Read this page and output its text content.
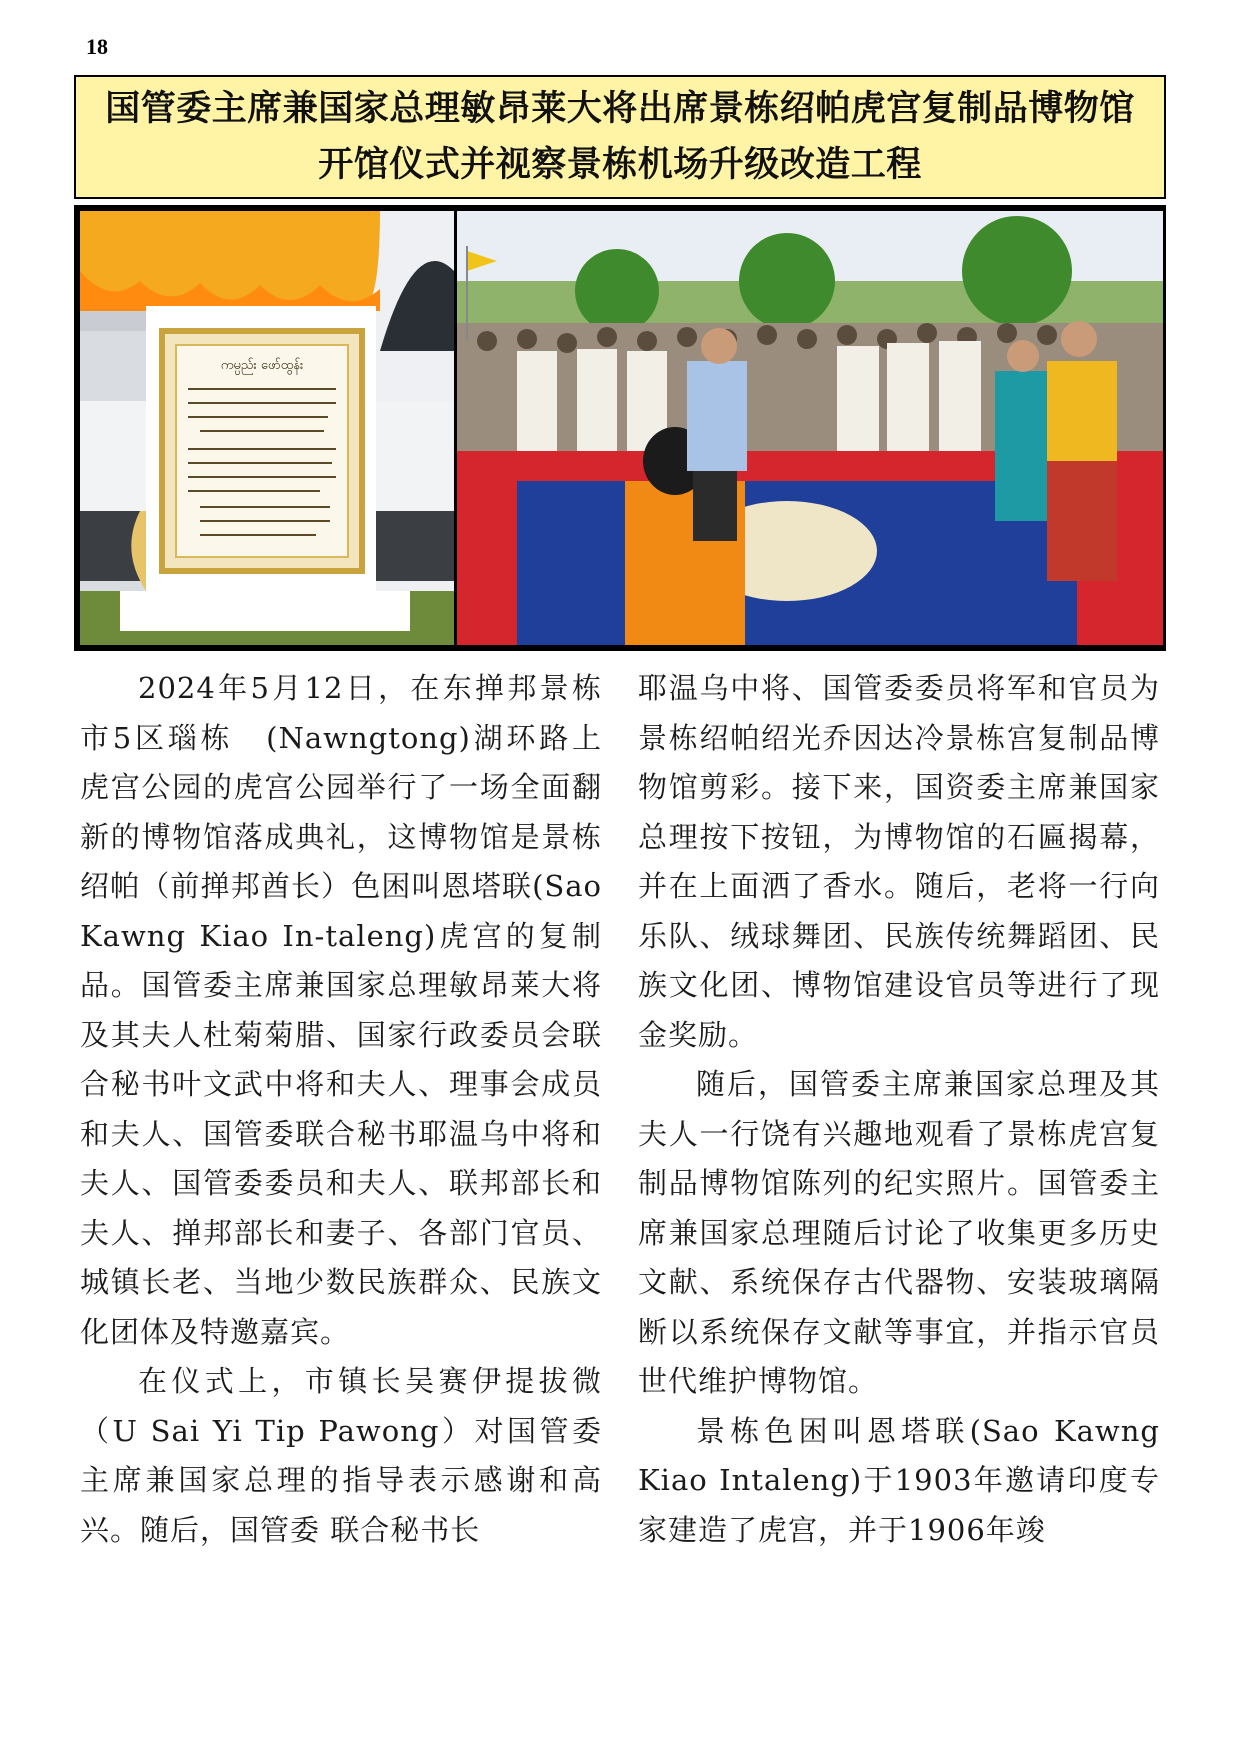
18
国管委主席兼国家总理敏昂莱大将出席景栋绍帕虎宫复制品博物馆开馆仪式并视察景栋机场升级改造工程
ကမ္ပည်း ဖော်ထွန်း

2024年5月12日，在东掸邦景栋市5区瑙栋　(Nawngtong)湖环路上虎宫公园的虎宫公园举行了一场全面翻新的博物馆落成典礼，这博物馆是景栋绍帕（前掸邦酋长）色困叫恩塔联(Sao Kawng Kiao In-taleng)虎宫的复制品。国管委主席兼国家总理敏昂莱大将及其夫人杜菊菊腊、国家行政委员会联合秘书叶文武中将和夫人、理事会成员和夫人、国管委联合秘书耶温乌中将和夫人、国管委委员和夫人、联邦部长和夫人、掸邦部长和妻子、各部门官员、城镇长老、当地少数民族群众、民族文化团体及特邀嘉宾。

在仪式上，市镇长吴赛伊提拔微（U Sai Yi Tip Pawong）对国管委主席兼国家总理的指导表示感谢和高兴。随后，国管委 联合秘书长

耶温乌中将、国管委委员将军和官员为景栋绍帕绍光乔因达冷景栋宫复制品博物馆剪彩。接下来，国资委主席兼国家总理按下按钮，为博物馆的石匾揭幕，并在上面洒了香水。随后，老将一行向乐队、绒球舞团、民族传统舞蹈团、民族文化团、博物馆建设官员等进行了现金奖励。

随后，国管委主席兼国家总理及其夫人一行饶有兴趣地观看了景栋虎宫复制品博物馆陈列的纪实照片。国管委主席兼国家总理随后讨论了收集更多历史文献、系统保存古代器物、安装玻璃隔断以系统保存文献等事宜，并指示官员世代维护博物馆。

景栋色困叫恩塔联(Sao Kawng Kiao Intaleng)于1903年邀请印度专家建造了虎宫，并于1906年竣
